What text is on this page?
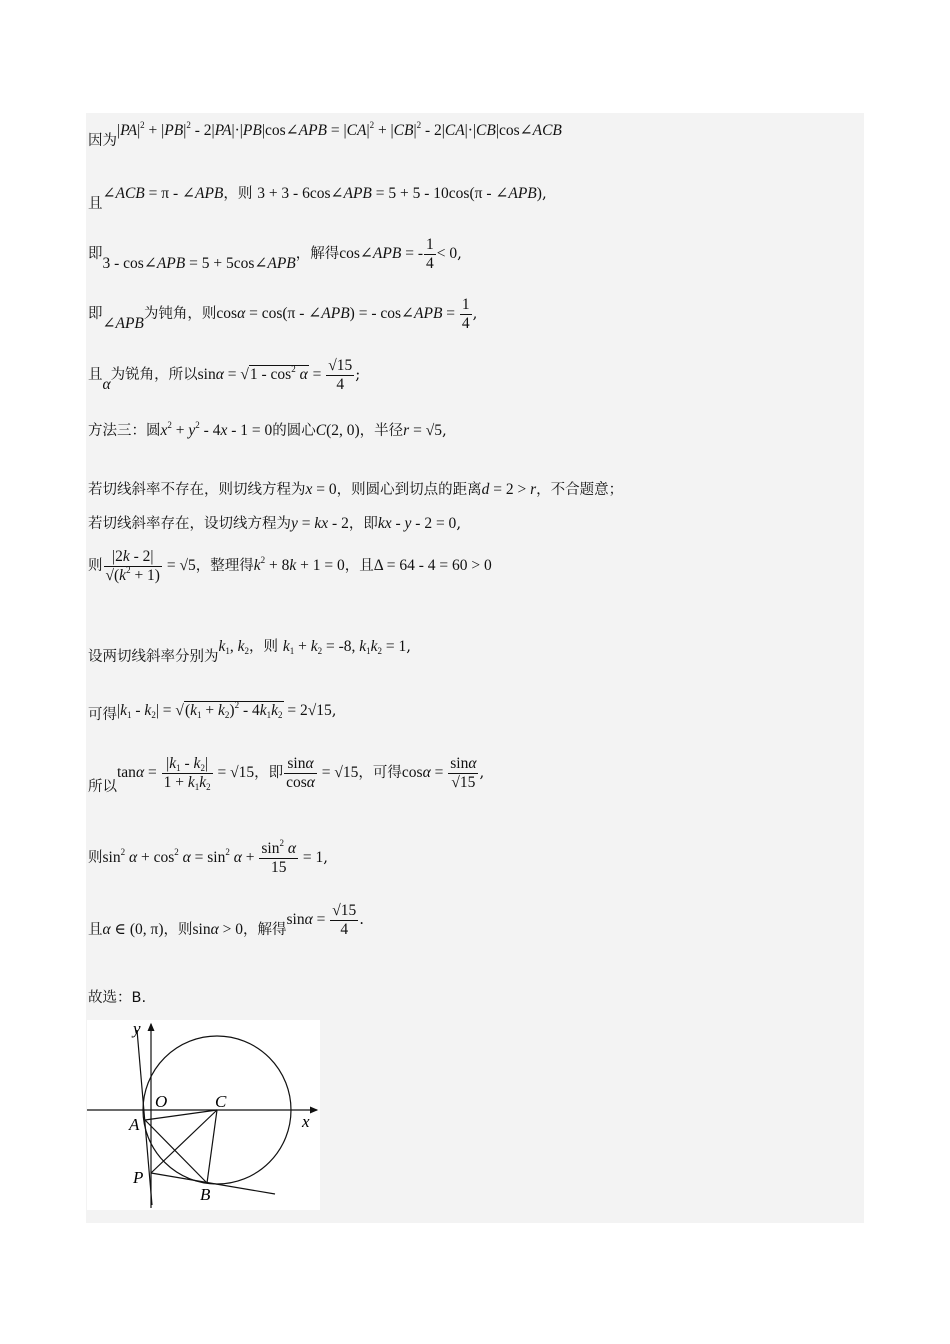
因为$|PA|^2 + |PB|^2$ - 2|PA|·|PB|cos∠APB = $|CA|^2 + |CB|^2$ - 2|CA|·|CB|cos∠ACB
且∠ACB = π - ∠APB，则 3 + 3 - 6cos∠APB = 5 + 5 - 10cos(π - ∠APB),
即3 - cos∠APB = 5 + 5cos∠APB，解得cos∠APB = - $\frac{1}{4} < 0$,
即∠APB为钝角，则cosα = cos(π - ∠APB) = - cos∠APB = $\frac{1}{4}$ ,
且α为锐角，所以$\sin\alpha = √1 - \cos^2 \alpha = \frac{√15}{4}$ ;
方法三：圆$x^2 + y^2 - 4x - 1 = 0$的圆心C(2, 0)，半径r = √5,
若切线斜率不存在，则切线方程为x = 0，则圆心到切点的距离d = 2 > r，不合题意；
若切线斜率存在，设切线方程为y = kx - 2，即kx - y - 2 = 0,
则 $\frac{|2k - 2|}{√(k^2 + 1)} = √5$，整理得$k^2 + 8k + 1 = 0$，且Δ = 64 - 4 = 60 > 0
设两切线斜率分别为$k_1$, $k_2$，则 $k_1 + k_2 = -8$, $k_1k_2 = 1$,
可得$|k_1 - k_2| = √(k_1 + k_2)^2 - 4k_1k_2 = 2√15$,
所以$\tan\alpha = \frac{|k_1 - k_2|}{1 + k_1k_2} = √15$，即 $\frac{\sin\alpha}{\cos\alpha} = √15$，可得$\cos\alpha = \frac{\sin\alpha}{√15}$ ,
则$\sin^2 \alpha + \cos^2 \alpha = \sin^2 \alpha + \frac{\sin^2 \alpha}{15} = 1$,
且α ∈ (0, π)，则sinα > 0，解得$\sin\alpha = \frac{√15}{4}$ .
故选：B.
y
O	C
x
A
P
B
